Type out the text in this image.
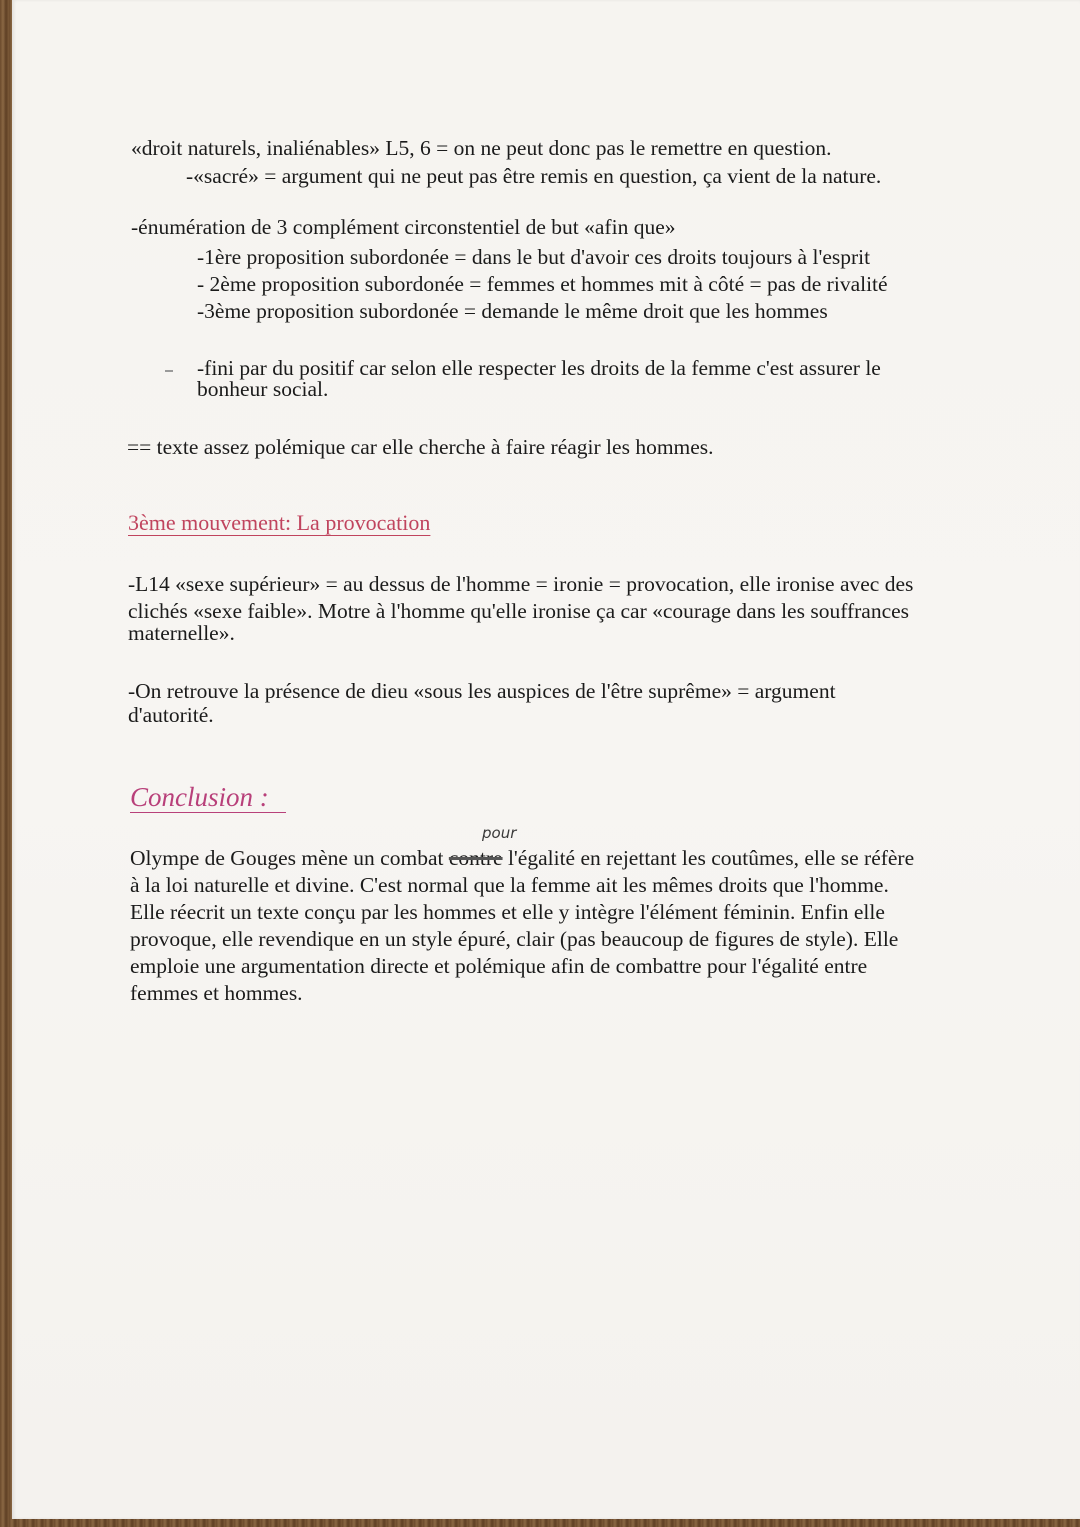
«droit naturels, inaliénables» L5, 6 = on ne peut donc pas le remettre en question.

-«sacré» = argument qui ne peut pas être remis en question, ça vient de la nature.

-énumération de 3 complément circonstentiel de but «afin que»

-1ère proposition subordonée = dans le but d'avoir ces droits toujours à l'esprit

- 2ème proposition subordonée = femmes et hommes mit à côté = pas de rivalité

-3ème proposition subordonée = demande le même droit que les hommes

-fini par du positif car selon elle respecter les droits de la femme c'est assurer le

bonheur social.

== texte assez polémique car elle cherche à faire réagir les hommes.

3ème mouvement: La provocation

-L14 «sexe supérieur» = au dessus de l'homme = ironie = provocation, elle ironise avec des

clichés «sexe faible». Motre à l'homme qu'elle ironise ça car «courage dans les souffrances

maternelle».

-On retrouve la présence de dieu «sous les auspices de l'être suprême» = argument

d'autorité.

Conclusion :

pour

Olympe de Gouges mène un combat contre l'égalité en rejettant les coutûmes, elle se réfère

à la loi naturelle et divine. C'est normal que la femme ait les mêmes droits que l'homme.

Elle réecrit un texte conçu par les hommes et elle y intègre l'élément féminin. Enfin elle

provoque, elle revendique en un style épuré, clair (pas beaucoup de figures de style). Elle

emploie une argumentation directe et polémique afin de combattre pour l'égalité entre

femmes et hommes.
